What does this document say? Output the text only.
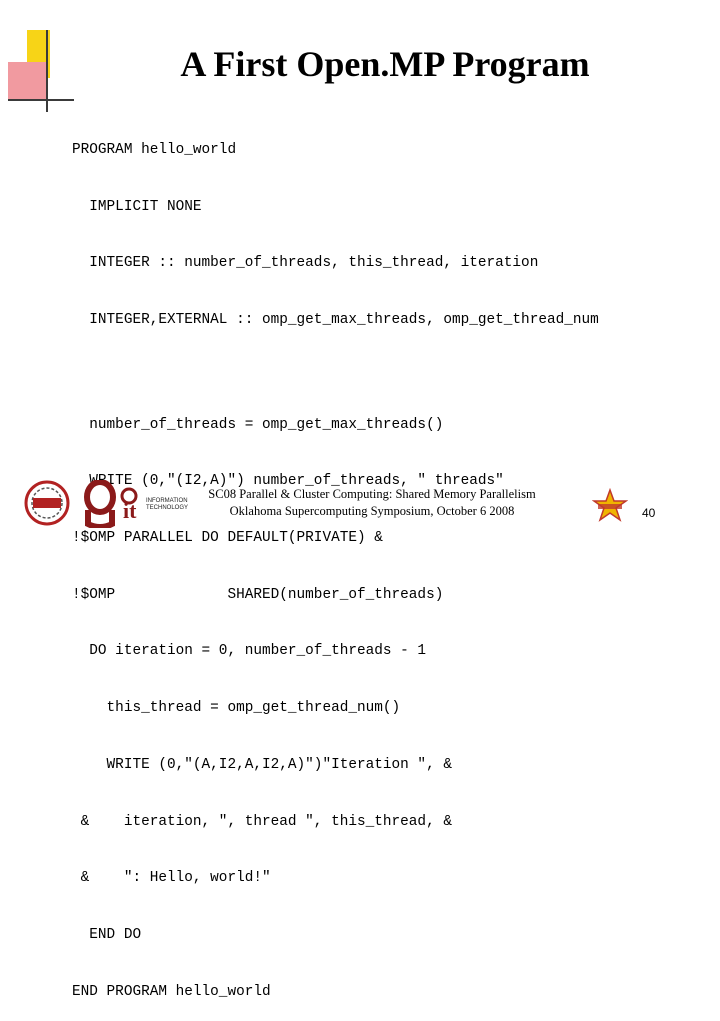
A First Open.MP Program

PROGRAM hello_world

IMPLICIT NONE

INTEGER :: number_of_threads, this_thread, iteration

INTEGER,EXTERNAL :: omp_get_max_threads, omp_get_thread_num

number_of_threads = omp_get_max_threads()

WRITE (0,"(I2,A)") number_of_threads, " threads"

!$OMP PARALLEL DO DEFAULT(PRIVATE) &

!$OMP             SHARED(number_of_threads)

DO iteration = 0, number_of_threads - 1

this_thread = omp_get_thread_num()

WRITE (0,"(A,I2,A,I2,A)")"Iteration ", &

&    iteration, ", thread ", this_thread, &

&    ": Hello, world!"

END DO

END PROGRAM hello_world

it INFORMATION
TECHNOLOGY
SC08 Parallel & Cluster Computing: Shared Memory Parallelism
Oklahoma Supercomputing Symposium, October 6 2008	40
